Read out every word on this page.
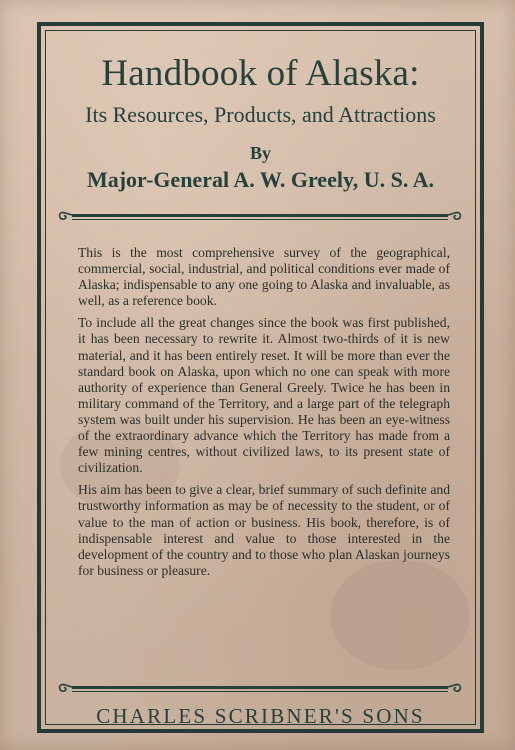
Handbook of Alaska:
Its Resources, Products, and Attractions
By
Major-General A. W. Greely, U. S. A.

This is the most comprehensive survey of the geographical, commercial, social, industrial, and political conditions ever made of Alaska; indispensable to any one going to Alaska and invaluable, as well, as a reference book.

To include all the great changes since the book was first published, it has been necessary to rewrite it. Almost two-thirds of it is new material, and it has been entirely reset. It will be more than ever the standard book on Alaska, upon which no one can speak with more authority of experience than General Greely. Twice he has been in military command of the Territory, and a large part of the telegraph system was built under his supervision. He has been an eye-witness of the extraordinary advance which the Territory has made from a few mining centres, without civilized laws, to its present state of civilization.

His aim has been to give a clear, brief summary of such definite and trustworthy information as may be of necessity to the student, or of value to the man of action or business. His book, therefore, is of indispensable interest and value to those interested in the development of the country and to those who plan Alaskan journeys for business or pleasure.

CHARLES SCRIBNER'S SONS
